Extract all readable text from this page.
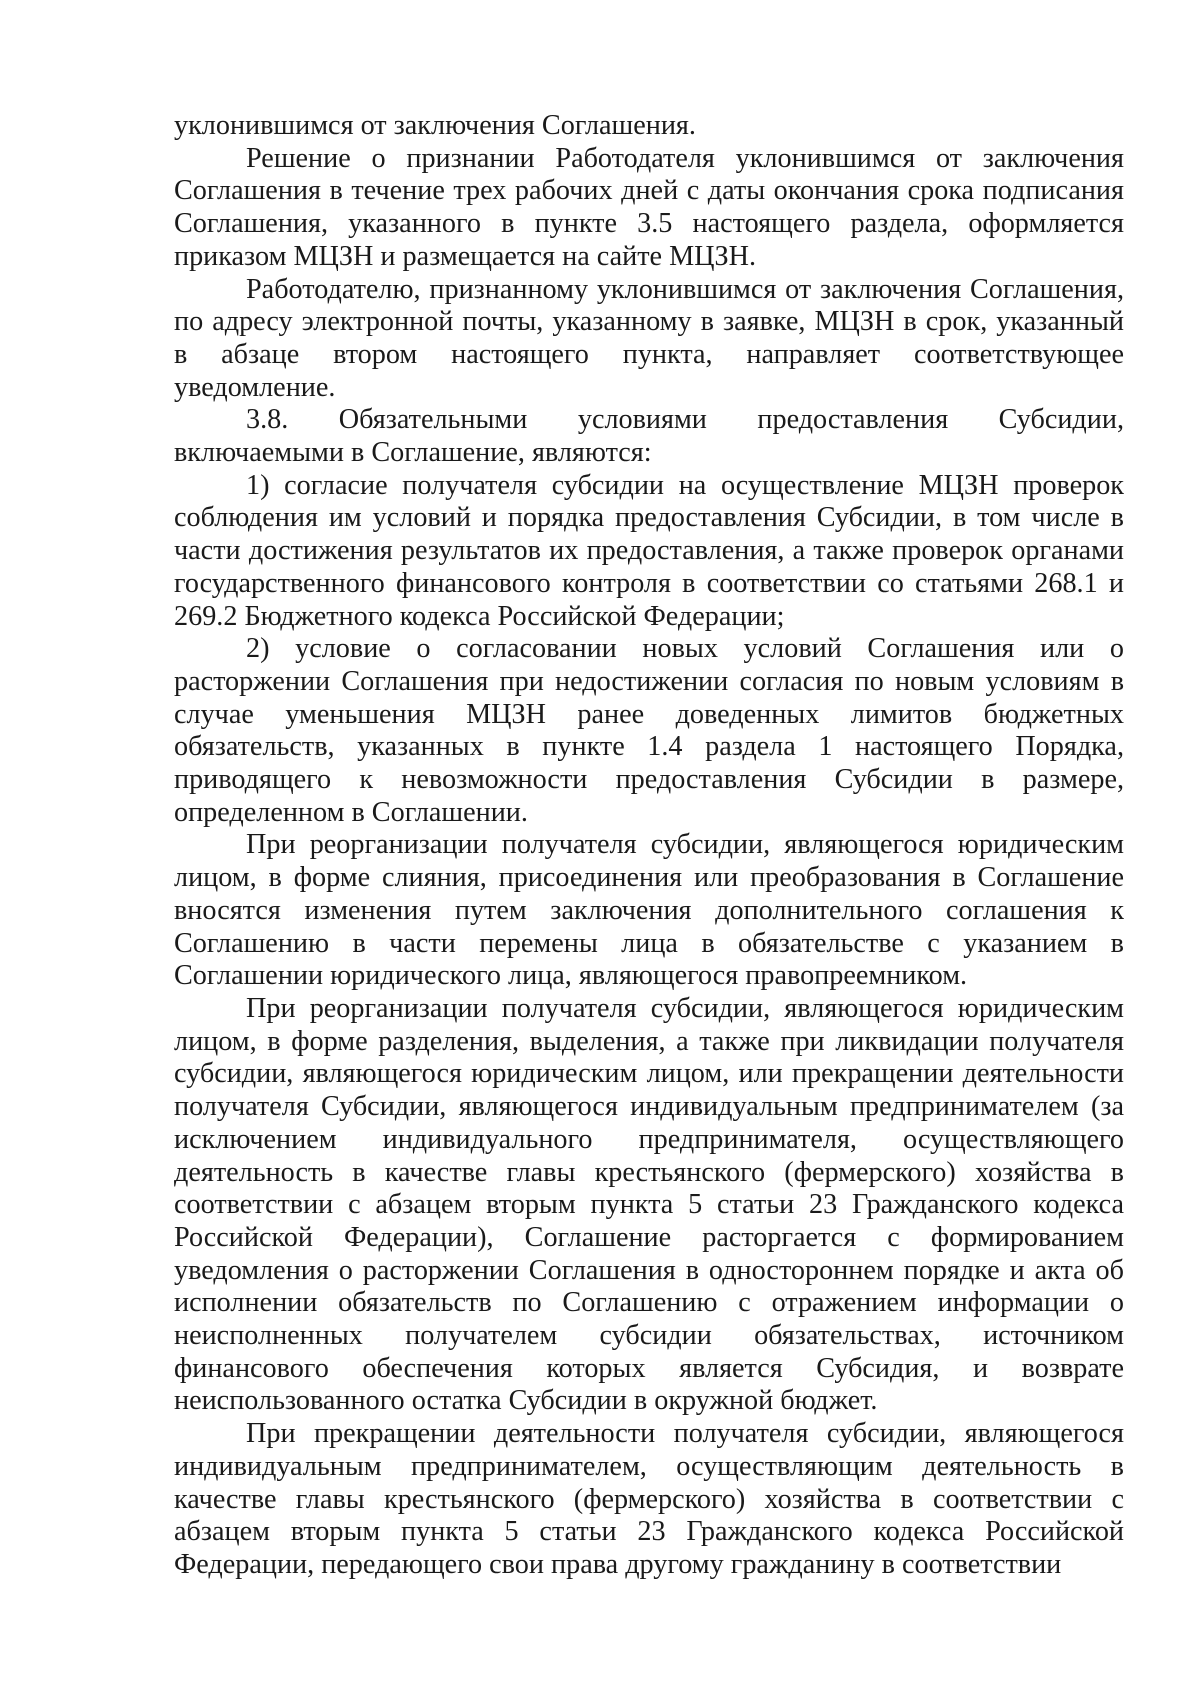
уклонившимся от заключения Соглашения.

Решение о признании Работодателя уклонившимся от заключения Соглашения в течение трех рабочих дней с даты окончания срока подписания Соглашения, указанного в пункте 3.5 настоящего раздела, оформляется приказом МЦЗН и размещается на сайте МЦЗН.

Работодателю, признанному уклонившимся от заключения Соглашения, по адресу электронной почты, указанному в заявке, МЦЗН в срок, указанный в абзаце втором настоящего пункта, направляет соответствующее уведомление.

3.8. Обязательными условиями предоставления Субсидии, включаемыми в Соглашение, являются:

1) согласие получателя субсидии на осуществление МЦЗН проверок соблюдения им условий и порядка предоставления Субсидии, в том числе в части достижения результатов их предоставления, а также проверок органами государственного финансового контроля в соответствии со статьями 268.1 и 269.2 Бюджетного кодекса Российской Федерации;

2) условие о согласовании новых условий Соглашения или о расторжении Соглашения при недостижении согласия по новым условиям в случае уменьшения МЦЗН ранее доведенных лимитов бюджетных обязательств, указанных в пункте 1.4 раздела 1 настоящего Порядка, приводящего к невозможности предоставления Субсидии в размере, определенном в Соглашении.

При реорганизации получателя субсидии, являющегося юридическим лицом, в форме слияния, присоединения или преобразования в Соглашение вносятся изменения путем заключения дополнительного соглашения к Соглашению в части перемены лица в обязательстве с указанием в Соглашении юридического лица, являющегося правопреемником.

При реорганизации получателя субсидии, являющегося юридическим лицом, в форме разделения, выделения, а также при ликвидации получателя субсидии, являющегося юридическим лицом, или прекращении деятельности получателя Субсидии, являющегося индивидуальным предпринимателем (за исключением индивидуального предпринимателя, осуществляющего деятельность в качестве главы крестьянского (фермерского) хозяйства в соответствии с абзацем вторым пункта 5 статьи 23 Гражданского кодекса Российской Федерации), Соглашение расторгается с формированием уведомления о расторжении Соглашения в одностороннем порядке и акта об исполнении обязательств по Соглашению с отражением информации о неисполненных получателем субсидии обязательствах, источником финансового обеспечения которых является Субсидия, и возврате неиспользованного остатка Субсидии в окружной бюджет.

При прекращении деятельности получателя субсидии, являющегося индивидуальным предпринимателем, осуществляющим деятельность в качестве главы крестьянского (фермерского) хозяйства в соответствии с абзацем вторым пункта 5 статьи 23 Гражданского кодекса Российской Федерации, передающего свои права другому гражданину в соответствии
